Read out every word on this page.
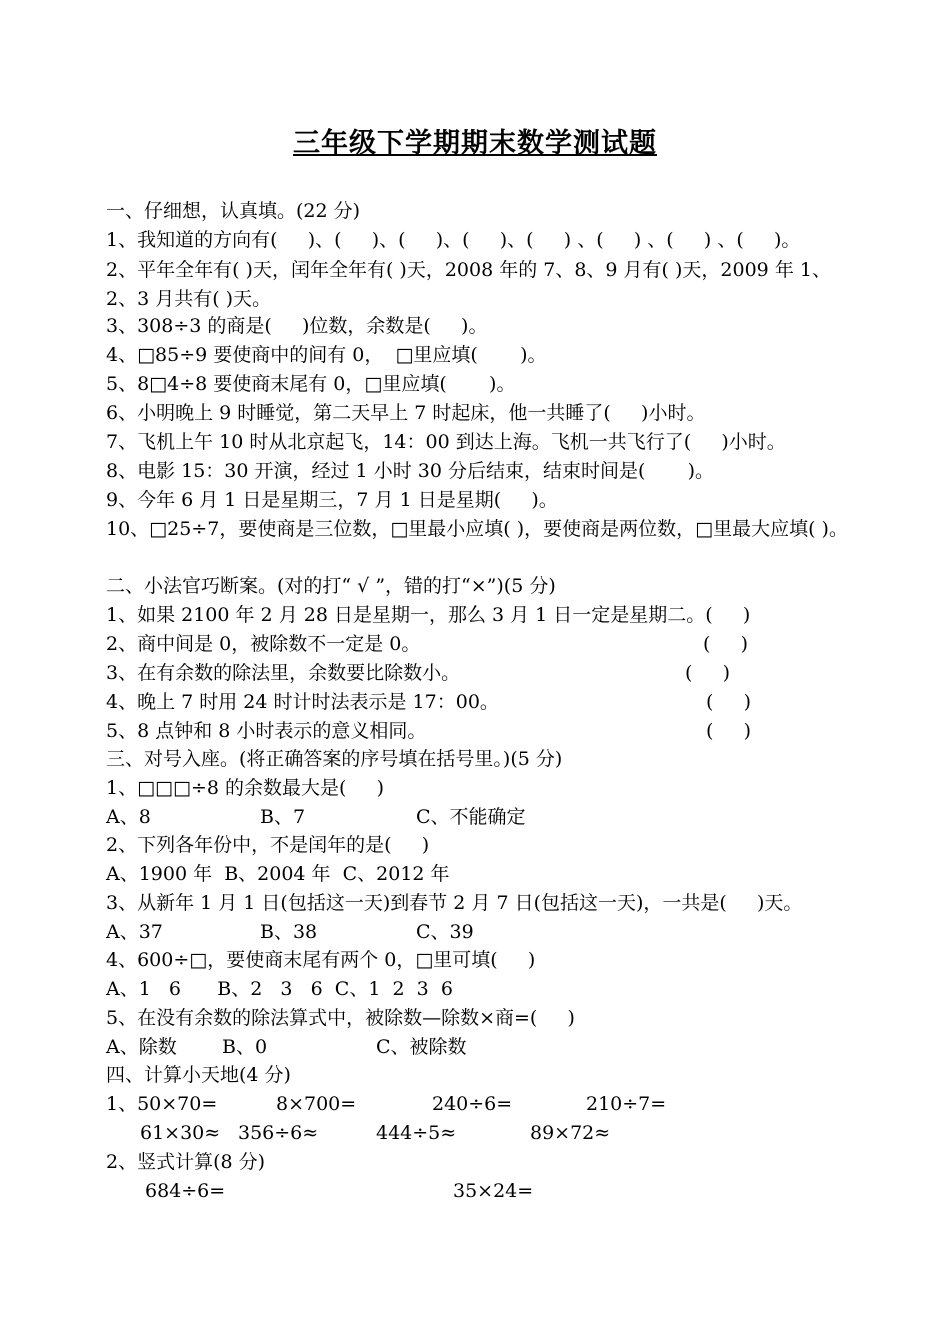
三年级下学期期末数学测试题
一、仔细想，认真填。(22 分)
1、我知道的方向有(     )、(     )、(     )、(     )、(     ) 、(     ) 、(     ) 、(     )。
2、平年全年有( )天，闰年全年有( )天，2008 年的 7、8、9 月有( )天，2009 年 1、2、3 月共有( )天。
3、308÷3 的商是(     )位数，余数是(     )。
4、□85÷9 要使商中的间有 0，  □里应填(       )。
5、8□4÷8 要使商末尾有 0，□里应填(       )。
6、小明晚上 9 时睡觉，第二天早上 7 时起床，他一共睡了(     )小时。
7、飞机上午 10 时从北京起飞，14：00 到达上海。飞机一共飞行了(     )小时。
8、电影 15：30 开演，经过 1 小时 30 分后结束，结束时间是(       )。
9、今年 6 月 1 日是星期三，7 月 1 日是星期(     )。
10、□25÷7，要使商是三位数，□里最小应填( )，要使商是两位数，□里最大应填( )。
二、小法官巧断案。(对的打“ √ ”，错的打“×”)(5 分)
1、如果 2100 年 2 月 28 日是星期一，那么 3 月 1 日一定是星期二。(     )
2、商中间是 0，被除数不一定是 0。	(     )
3、在有余数的除法里，余数要比除数小。	(     )
4、晚上 7 时用 24 时计时法表示是 17：00。	(     )
5、8 点钟和 8 小时表示的意义相同。	(     )
三、对号入座。(将正确答案的序号填在括号里。)(5 分)
1、□□□÷8 的余数最大是(     )
A、8	B、7	C、不能确定
2、下列各年份中，不是闰年的是(     )
A、1900 年  B、2004 年  C、2012 年
3、从新年 1 月 1 日(包括这一天)到春节 2 月 7 日(包括这一天)，一共是(     )天。
A、37	B、38	C、39
4、600÷□，要使商末尾有两个 0，□里可填(     )
A、1   6      B、2   3   6  C、1  2  3  6
5、在没有余数的除法算式中，被除数—除数×商=(     )
A、除数 B、0	C、被除数
四、计算小天地(4 分)
1、50×70=	8×700=	240÷6=	210÷7=
61×30≈ 356÷6≈	444÷5≈	89×72≈
2、竖式计算(8 分)
684÷6=	35×24=
